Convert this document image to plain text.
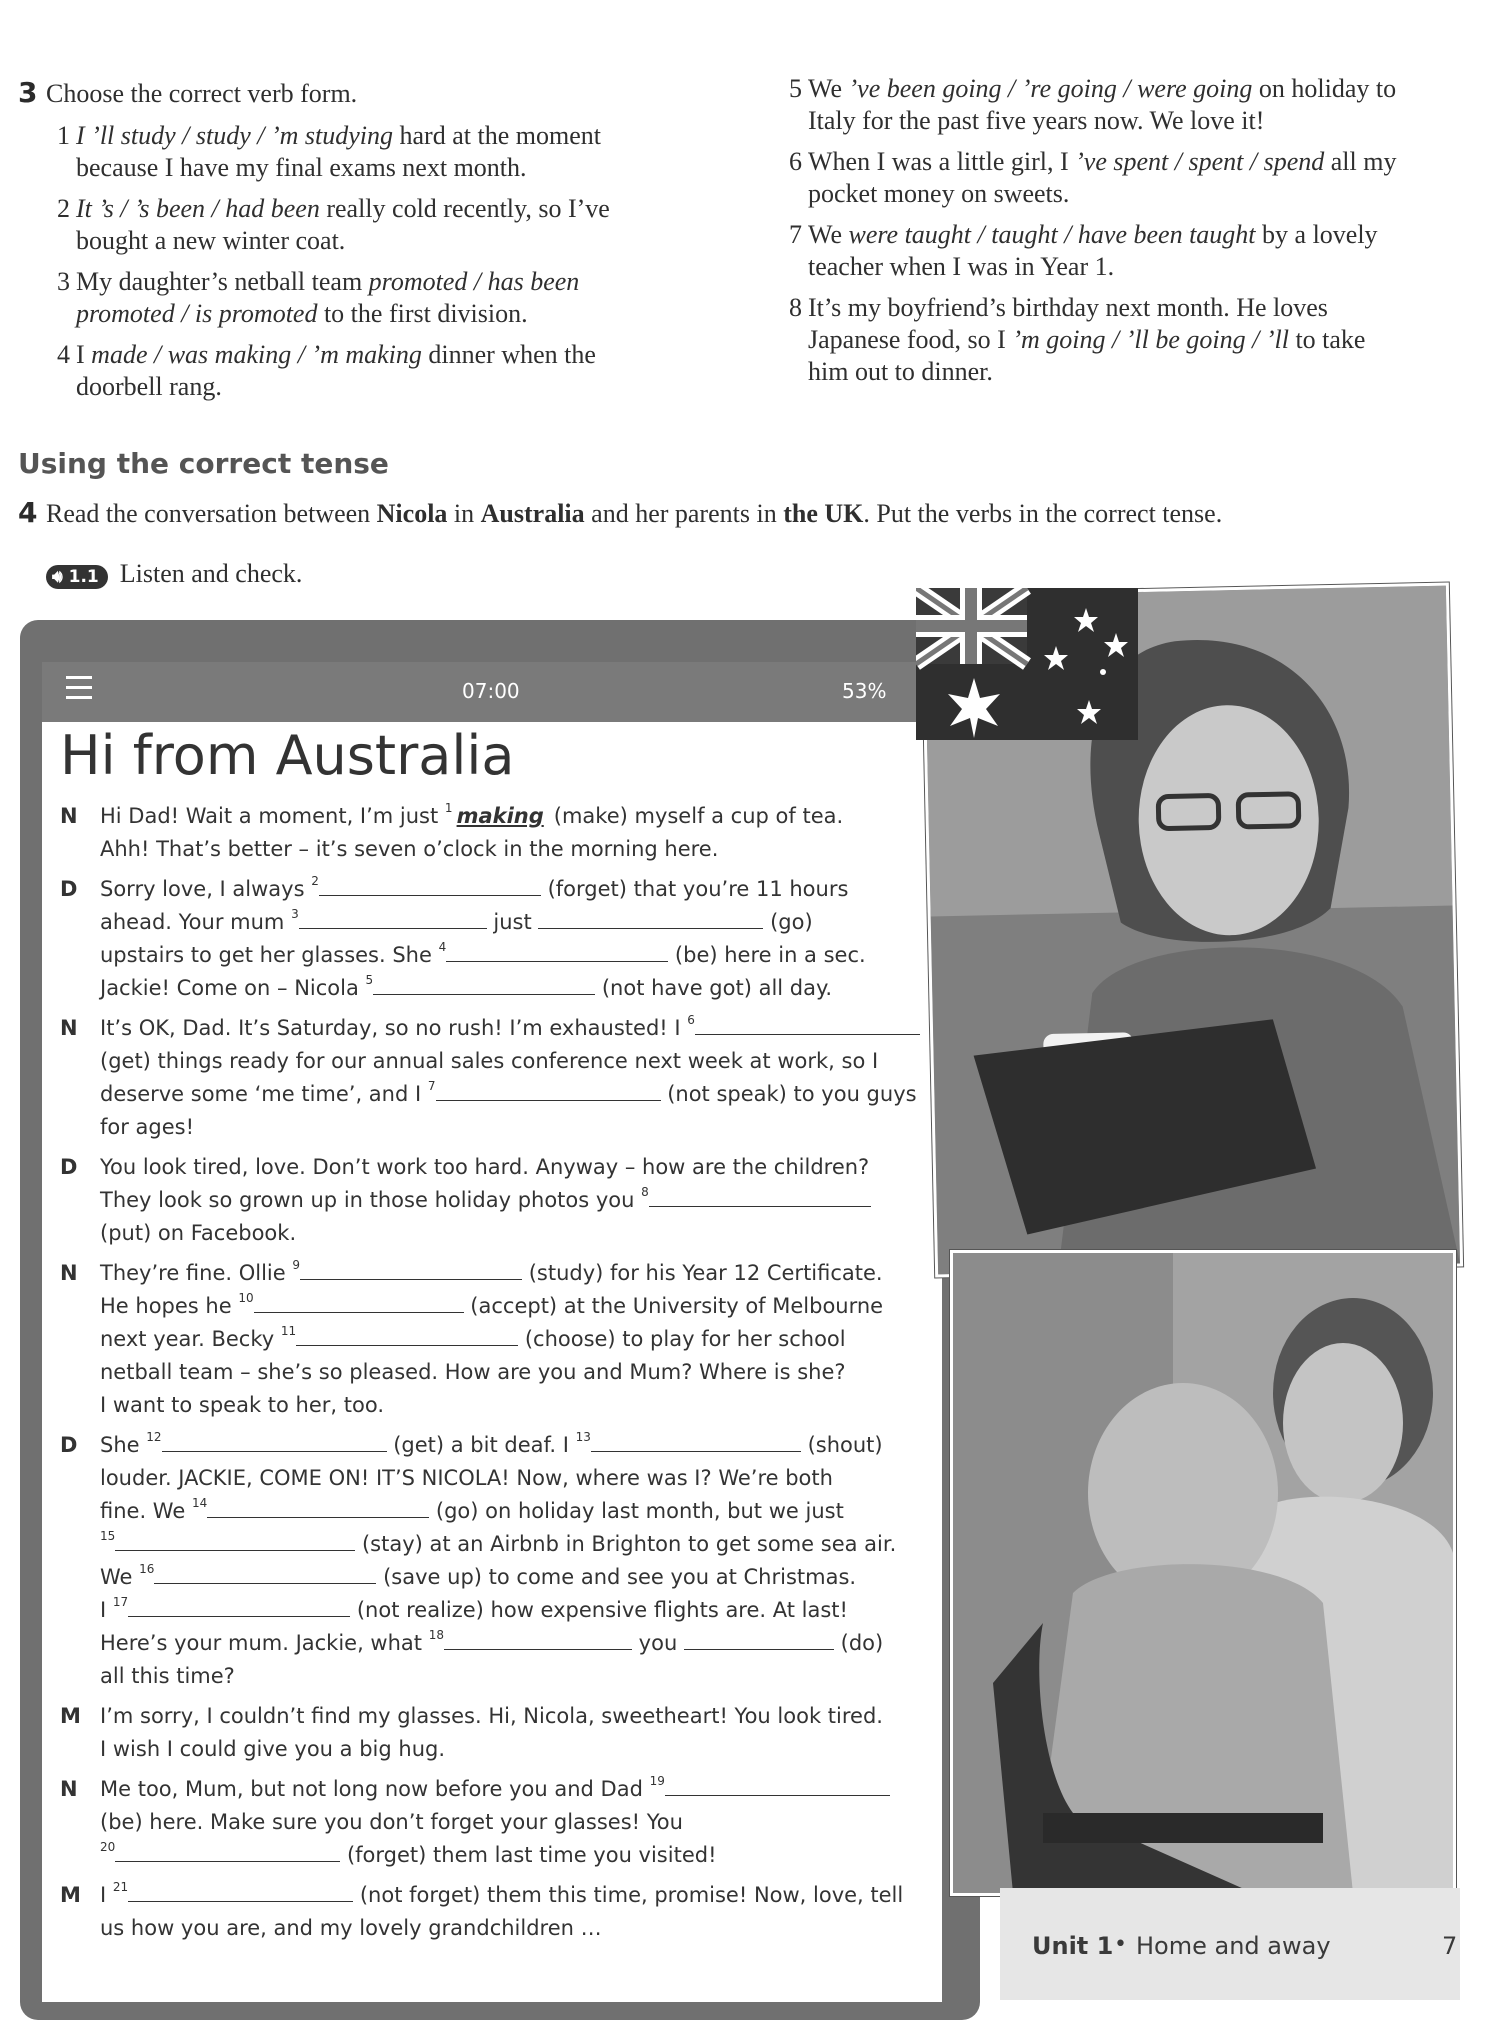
3 Choose the correct verb form.
1 I ’ll study / study / ’m studying hard at the moment
because I have my final exams next month.
2 It ’s / ’s been / had been really cold recently, so I’ve
bought a new winter coat.
3 My daughter’s netball team promoted / has been
promoted / is promoted to the first division.
4 I made / was making / ’m making dinner when the
doorbell rang.
5 We ’ve been going / ’re going / were going on holiday to
Italy for the past five years now. We love it!
6 When I was a little girl, I ’ve spent / spent / spend all my
pocket money on sweets.
7 We were taught / taught / have been taught by a lovely
teacher when I was in Year 1.
8 It’s my boyfriend’s birthday next month. He loves
Japanese food, so I ’m going / ’ll be going / ’ll to take
him out to dinner.
Using the correct tense
4 Read the conversation between Nicola in Australia and her parents in the UK. Put the verbs in the correct tense.
🔊︎ 1.1 Listen and check.
07:00	53%
Hi from Australia
N Hi Dad! Wait a moment, I’m just $^1$ making (make) myself a cup of tea.
Ahh! That’s better – it’s seven o’clock in the morning here.
D Sorry love, I always $^2$	(forget) that you’re 11 hours
ahead. Your mum $^3$	just	(go)
upstairs to get her glasses. She $^4$	(be) here in a sec.
Jackie! Come on – Nicola $^5$	(not have got) all day.
N It’s OK, Dad. It’s Saturday, so no rush! I’m exhausted! I $^6$
(get) things ready for our annual sales conference next week at work, so I
deserve some ‘me time’, and I $^7$	(not speak) to you guys
for ages!
D You look tired, love. Don’t work too hard. Anyway – how are the children?
They look so grown up in those holiday photos you $^8$
(put) on Facebook.
N They’re fine. Ollie $^9$	(study) for his Year 12 Certificate.
He hopes he $^{10}$	(accept) at the University of Melbourne
next year. Becky $^{11}$	(choose) to play for her school
netball team – she’s so pleased. How are you and Mum? Where is she?
I want to speak to her, too.
D She $^{12}$	(get) a bit deaf. I $^{13}$	(shout)
louder. JACKIE, COME ON! IT’S NICOLA! Now, where was I? We’re both
fine. We $^{14}$	(go) on holiday last month, but we just
$^{15}$	(stay) at an Airbnb in Brighton to get some sea air.
We $^{16}$	(save up) to come and see you at Christmas.
I $^{17}$	(not realize) how expensive flights are. At last!
Here’s your mum. Jackie, what $^{18}$	you	(do)
all this time?
M I’m sorry, I couldn’t find my glasses. Hi, Nicola, sweetheart! You look tired.
I wish I could give you a big hug.
N Me too, Mum, but not long now before you and Dad $^{19}$
(be) here. Make sure you don’t forget your glasses! You
$^{20}$	(forget) them last time you visited!
M I $^{21}$	(not forget) them this time, promise! Now, love, tell
us how you are, and my lovely grandchildren …
Unit 1 • Home and away	7
